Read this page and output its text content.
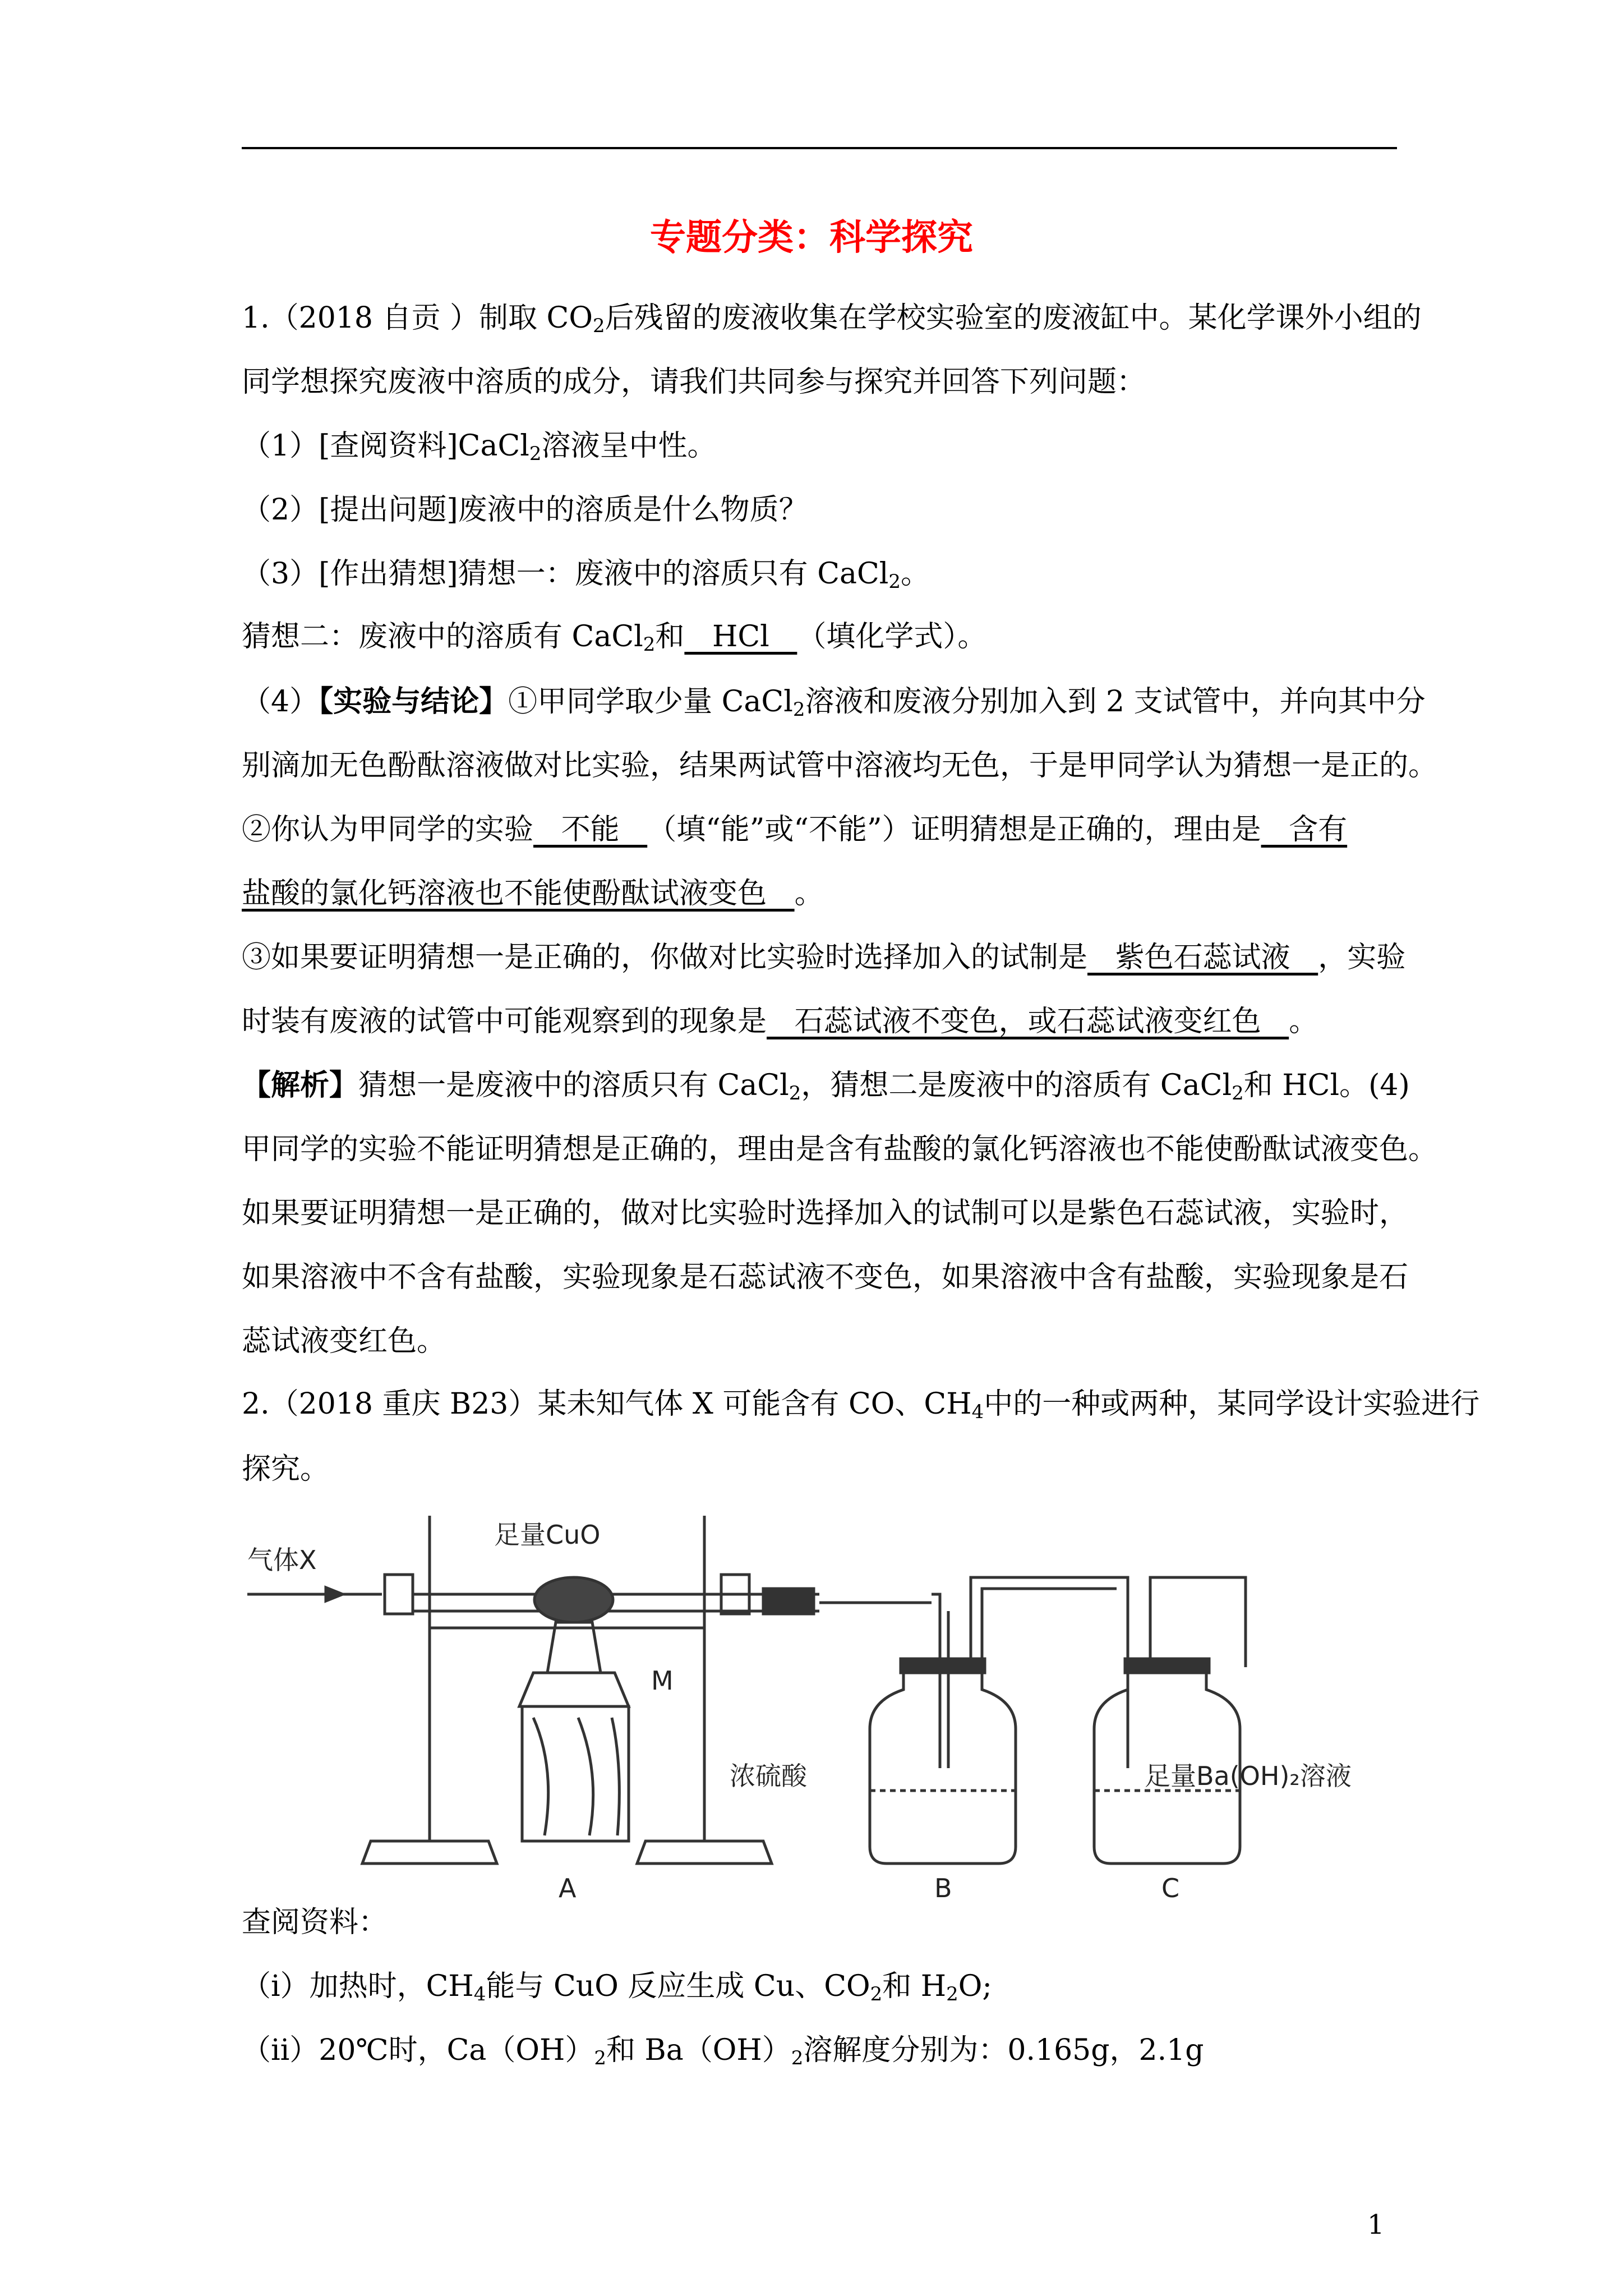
专题分类：科学探究
1.（2018 自贡 ）制取 $CO_2$后残留的废液收集在学校实验室的废液缸中。某化学课外小组的
同学想探究废液中溶质的成分，请我们共同参与探究并回答下列问题：
（1）[查阅资料]CaCl$_2$溶液呈中性。
（2）[提出问题]废液中的溶质是什么物质？
（3）[作出猜想]猜想一：废液中的溶质只有 CaCl$_2$。
猜想二：废液中的溶质有 CaCl$_2$和   HCl   （填化学式）。
（4）【实验与结论】①甲同学取少量 CaCl$_2$溶液和废液分别加入到 2 支试管中，并向其中分
别滴加无色酚酞溶液做对比实验，结果两试管中溶液均无色，于是甲同学认为猜想一是正的。
②你认为甲同学的实验   不能   （填“能”或“不能”）证明猜想是正确的，理由是   含有
盐酸的氯化钙溶液也不能使酚酞试液变色   。
③如果要证明猜想一是正确的，你做对比实验时选择加入的试制是   紫色石蕊试液   ，实验
时装有废液的试管中可能观察到的现象是   石蕊试液不变色，或石蕊试液变红色   。
【解析】猜想一是废液中的溶质只有 CaCl$_2$，猜想二是废液中的溶质有 CaCl$_2$和 HCl。(4)
甲同学的实验不能证明猜想是正确的，理由是含有盐酸的氯化钙溶液也不能使酚酞试液变色。
如果要证明猜想一是正确的，做对比实验时选择加入的试制可以是紫色石蕊试液，实验时，
如果溶液中不含有盐酸，实验现象是石蕊试液不变色，如果溶液中含有盐酸，实验现象是石
蕊试液变红色。
2.（2018 重庆 B23）某未知气体 X 可能含有 CO、$CH_4$中的一种或两种，某同学设计实验进行
探究。
气体X
足量CuO
M
浓硫酸	足量Ba(OH)₂溶液
A	B	C
查阅资料：
（ⅰ）加热时，$CH_4$能与 CuO 反应生成 Cu、$CO_2$和 $H_2O$;
（ⅱ）20℃时，$Ca(OH)_2$和 $Ba(OH)_2$溶解度分别为：0.165g，2.1g
1
